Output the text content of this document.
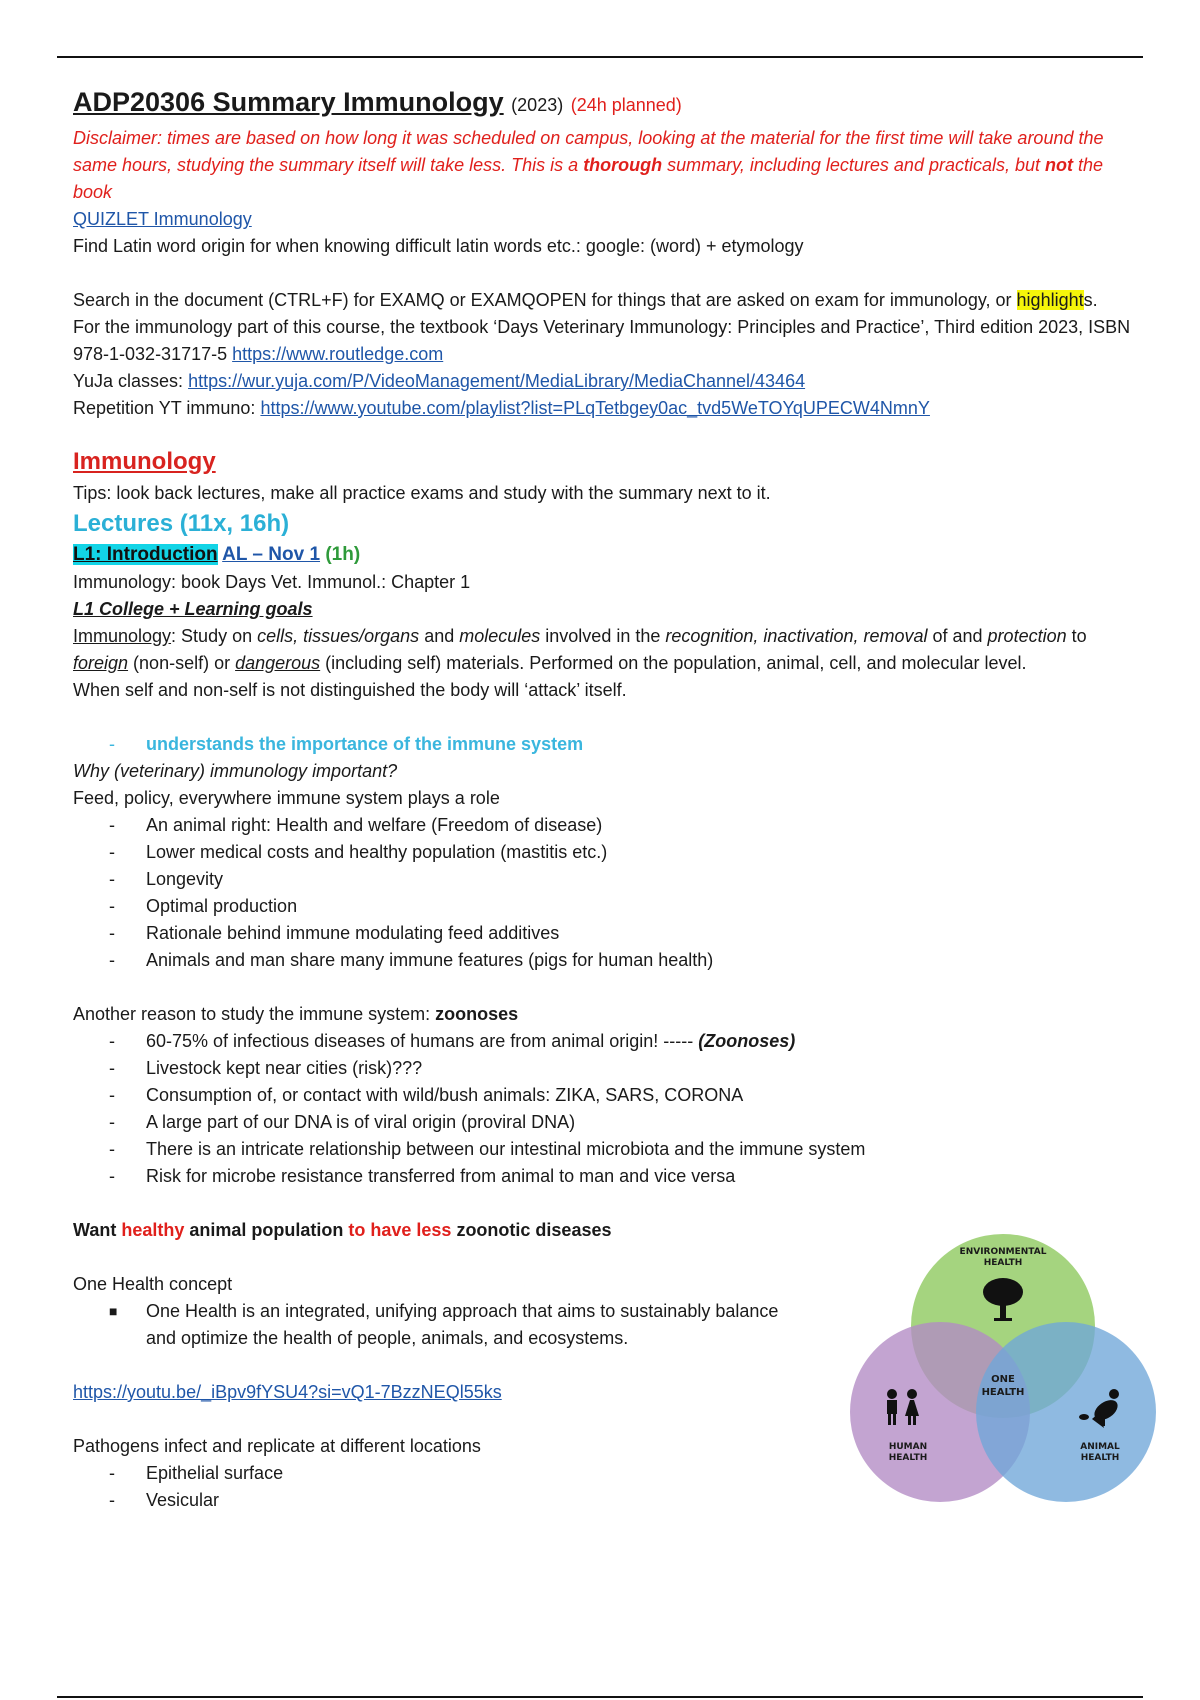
ADP20306 Summary Immunology (2023) (24h planned)

Disclaimer: times are based on how long it was scheduled on campus, looking at the material for the first time will take around the same hours, studying the summary itself will take less. This is a thorough summary, including lectures and practicals, but not the book

QUIZLET Immunology

Find Latin word origin for when knowing difficult latin words etc.: google: (word) + etymology

Search in the document (CTRL+F) for EXAMQ or EXAMQOPEN for things that are asked on exam for immunology, or highlights.

For the immunology part of this course, the textbook ‘Days Veterinary Immunology: Principles and Practice’, Third edition 2023, ISBN 978-1-032-31717-5 https://www.routledge.com

YuJa classes: https://wur.yuja.com/P/VideoManagement/MediaLibrary/MediaChannel/43464

Repetition YT immuno: https://www.youtube.com/playlist?list=PLqTetbgey0ac_tvd5WeTOYqUPECW4NmnY

Immunology

Tips: look back lectures, make all practice exams and study with the summary next to it.

Lectures (11x, 16h)

L1: Introduction AL – Nov 1 (1h)

Immunology: book Days Vet. Immunol.: Chapter 1

L1 College + Learning goals

Immunology: Study on cells, tissues/organs and molecules involved in the recognition, inactivation, removal of and protection to foreign (non-self) or dangerous (including self) materials. Performed on the population, animal, cell, and molecular level.

When self and non-self is not distinguished the body will ‘attack’ itself.

- understands the importance of the immune system

Why (veterinary) immunology important?

Feed, policy, everywhere immune system plays a role

- An animal right: Health and welfare (Freedom of disease)
- Lower medical costs and healthy population (mastitis etc.)
- Longevity
- Optimal production
- Rationale behind immune modulating feed additives
- Animals and man share many immune features (pigs for human health)

Another reason to study the immune system: zoonoses

- 60-75% of infectious diseases of humans are from animal origin! ----- (Zoonoses)
- Livestock kept near cities (risk)???
- Consumption of, or contact with wild/bush animals: ZIKA, SARS, CORONA
- A large part of our DNA is of viral origin (proviral DNA)
- There is an intricate relationship between our intestinal microbiota and the immune system
- Risk for microbe resistance transferred from animal to man and vice versa

Want healthy animal population to have less zoonotic diseases

One Health concept

■ One Health is an integrated, unifying approach that aims to sustainably balance and optimize the health of people, animals, and ecosystems.

https://youtu.be/_iBpv9fYSU4?si=vQ1-7BzzNEQl55ks

Pathogens infect and replicate at different locations

- Epithelial surface
- Vesicular
ENVIRONMENTAL
HEALTH
ONE
HEALTH
HUMAN
HEALTH
ANIMAL
HEALTH
